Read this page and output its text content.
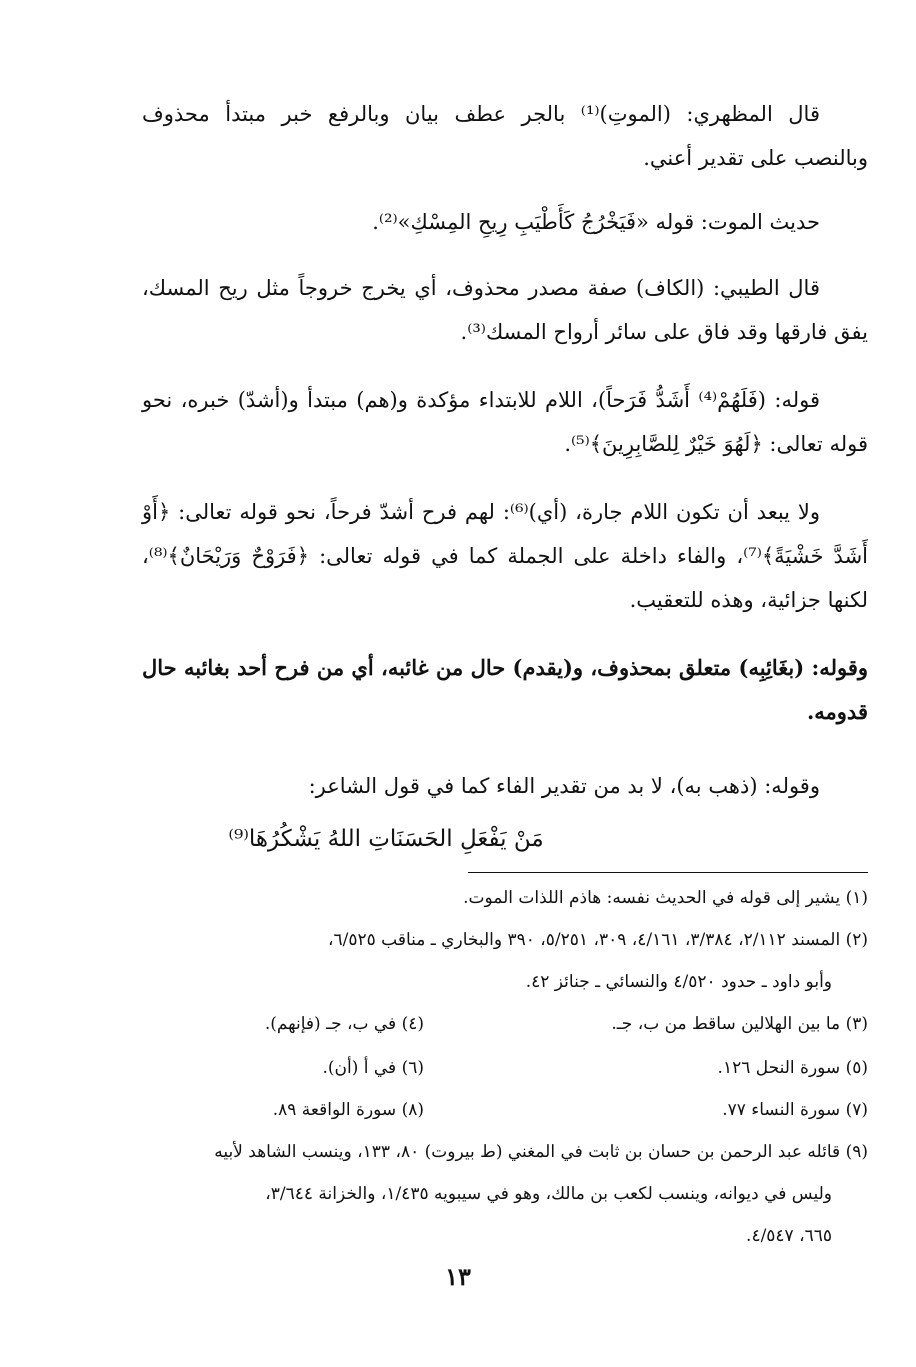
قال المظهري: (الموتِ)⁽¹⁾ بالجر عطف بيان وبالرفع خبر مبتدأ محذوف وبالنصب على تقدير أعني.

حديث الموت: قوله «فَيَخْرُجُ كَأَطْيَبِ رِيحِ المِسْكِ»⁽²⁾.

قال الطيبي: (الكاف) صفة مصدر محذوف، أي يخرج خروجاً مثل ريح المسك، يفق فارقها وقد فاق على سائر أرواح المسك⁽³⁾.

قوله: (فَلَهُمْ⁽⁴⁾ أَشَدُّ فَرَحاً)، اللام للابتداء مؤكدة و(هم) مبتدأ و(أشدّ) خبره، نحو قوله تعالى: ﴿لَهُوَ خَيْرٌ لِلصَّابِرِينَ﴾⁽⁵⁾.

ولا يبعد أن تكون اللام جارة، (أي)⁽⁶⁾: لهم فرح أشدّ فرحاً، نحو قوله تعالى: ﴿أَوْ أَشَدَّ خَشْيَةً﴾⁽⁷⁾، والفاء داخلة على الجملة كما في قوله تعالى: ﴿فَرَوْحٌ وَرَيْحَانٌ﴾⁽⁸⁾، لكنها جزائية، وهذه للتعقيب.

وقوله: (بغَائِبِه) متعلق بمحذوف، و(يقدم) حال من غائبه، أي من فرح أحد بغائبه حال قدومه.

وقوله: (ذهب به)، لا بد من تقدير الفاء كما في قول الشاعر:

مَنْ يَفْعَلِ الحَسَنَاتِ اللهُ يَشْكُرُهَا⁽⁹⁾

(١) يشير إلى قوله في الحديث نفسه: هاذم اللذات الموت.

(٢) المسند ٢/١١٢، ٣/٣٨٤، ٤/١٦١، ٣٠٩، ٥/٢٥١، ٣٩٠ والبخاري ـ مناقب ٦/٥٢٥،

وأبو داود ـ حدود ٤/٥٢٠ والنسائي ـ جنائز ٤٢.

(٣) ما بين الهلالين ساقط من ب، جـ.
(٤) في ب، جـ (فإنهم).
(٥) سورة النحل ١٢٦.
(٦) في أ (أن).
(٧) سورة النساء ٧٧.
(٨) سورة الواقعة ٨٩.

(٩) قائله عبد الرحمن بن حسان بن ثابت في المغني (ط بيروت) ٨٠، ١٣٣، وينسب الشاهد لأبيه

وليس في ديوانه، وينسب لكعب بن مالك، وهو في سيبويه ١/٤٣٥، والخزانة ٣/٦٤٤،

٦٦٥، ٤/٥٤٧.

١٣
